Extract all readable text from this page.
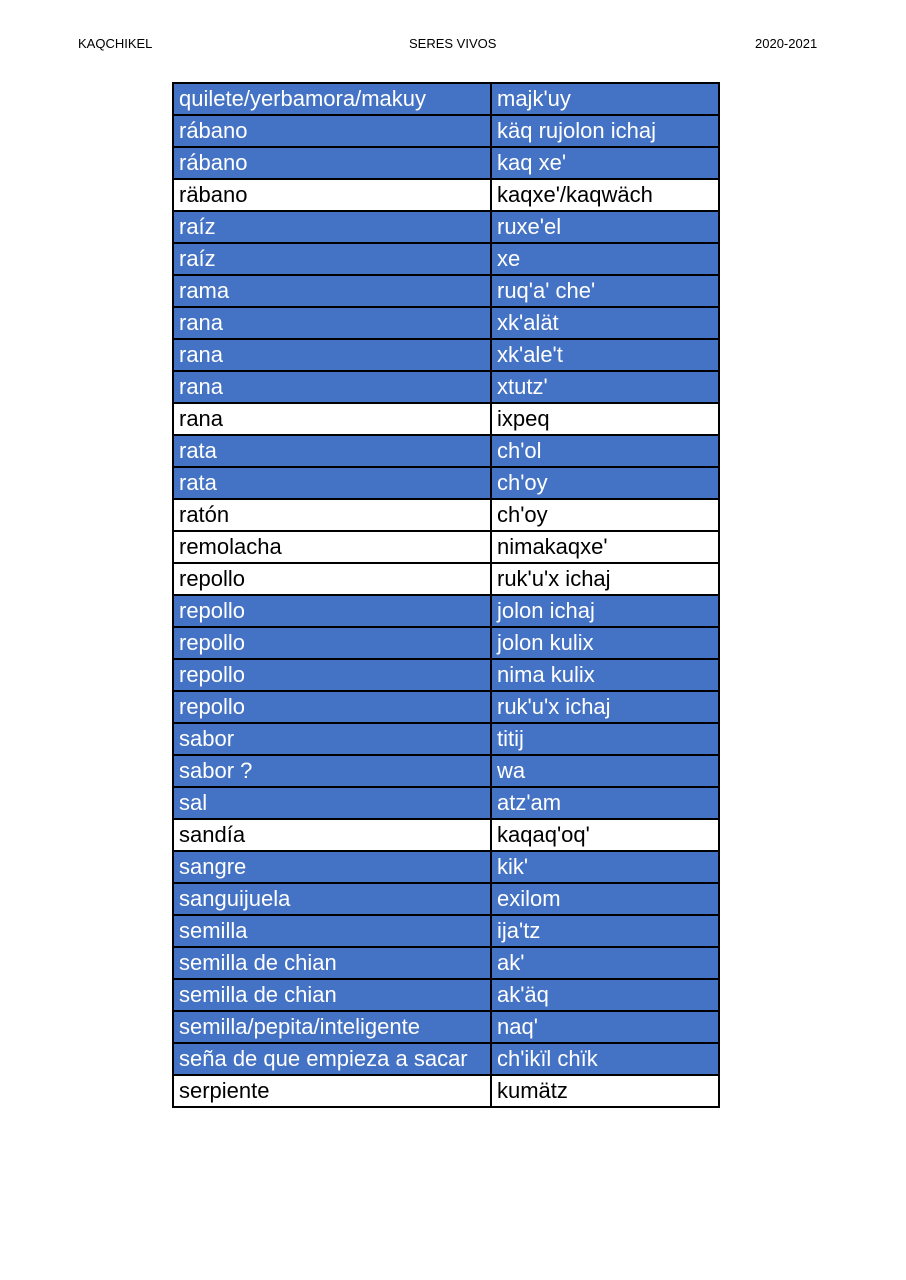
KAQCHIKEL	SERES VIVOS	2020-2021
quilete/yerbamora/makuy	majk'uy
rábano	käq rujolon ichaj
rábano	kaq xe'
räbano	kaqxe'/kaqwäch
raíz	ruxe'el
raíz	xe
rama	ruq'a' che'
rana	xk'alät
rana	xk'ale't
rana	xtutz'
rana	ixpeq
rata	ch'ol
rata	ch'oy
ratón	ch'oy
remolacha	nimakaqxe'
repollo	ruk'u'x ichaj
repollo	jolon ichaj
repollo	jolon kulix
repollo	nima kulix
repollo	ruk'u'x ichaj
sabor	titij
sabor ?	wa
sal	atz'am
sandía	kaqaq'oq'
sangre	kik'
sanguijuela	exilom
semilla	ija'tz
semilla de chian	ak'
semilla de chian	ak'äq
semilla/pepita/inteligente	naq'
seña de que empieza a sacar	ch'ikïl chïk
serpiente	kumätz
